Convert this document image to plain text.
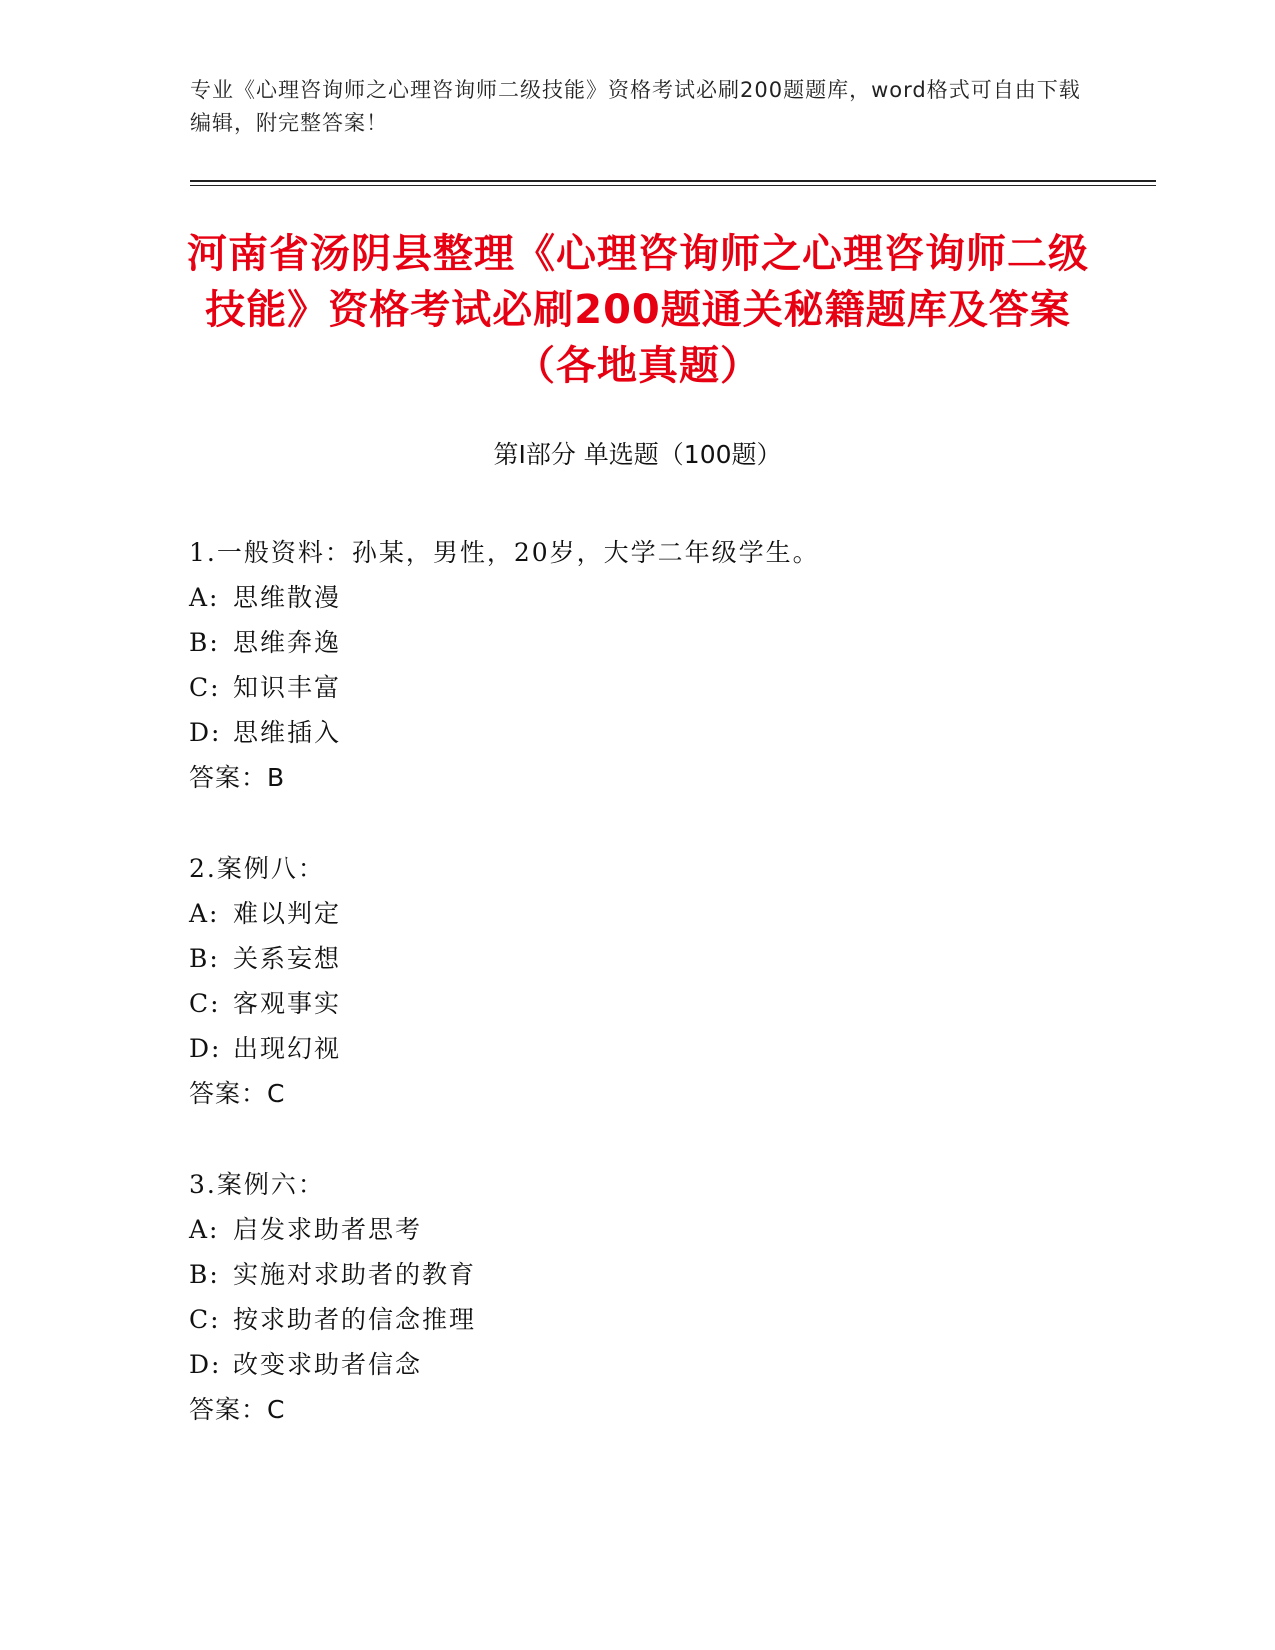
专业《心理咨询师之心理咨询师二级技能》资格考试必刷200题题库，word格式可自由下载编辑，附完整答案！
河南省汤阴县整理《心理咨询师之心理咨询师二级技能》资格考试必刷200题通关秘籍题库及答案（各地真题）
第Ⅰ部分 单选题（100题）
1.一般资料：孙某，男性，20岁，大学二年级学生。
A: 思维散漫
B: 思维奔逸
C: 知识丰富
D: 思维插入
答案：B
2.案例八：
A: 难以判定
B: 关系妄想
C: 客观事实
D: 出现幻视
答案：C
3.案例六：
A: 启发求助者思考
B: 实施对求助者的教育
C: 按求助者的信念推理
D: 改变求助者信念
答案：C
